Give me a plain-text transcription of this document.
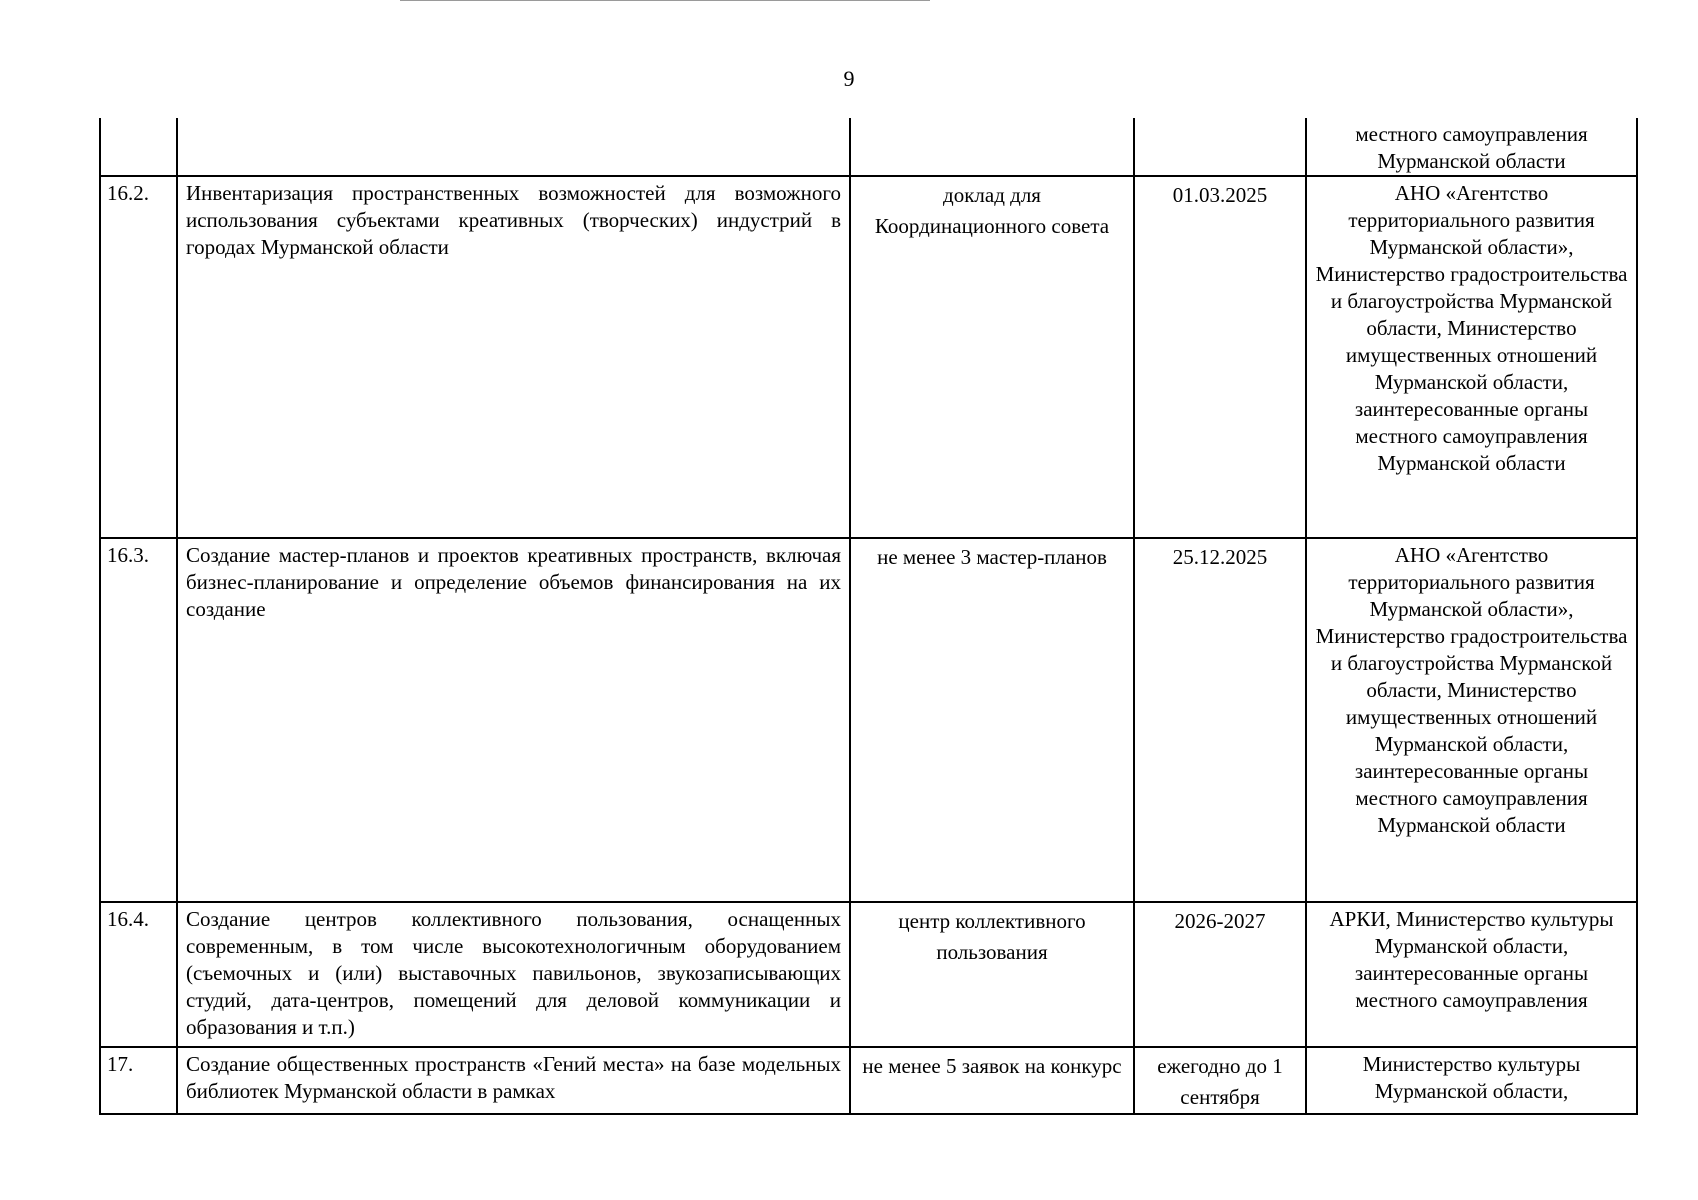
9
				местного самоуправления Мурманской области
16.2.	Инвентаризация пространственных возможностей для возможного использования субъектами креативных (творческих) индустрий в городах Мурманской области	доклад для Координационного совета	01.03.2025	АНО «Агентство территориального развития Мурманской области», Министерство градостроительства и благоустройства Мурманской области, Министерство имущественных отношений Мурманской области, заинтересованные органы местного самоуправления Мурманской области
16.3.	Создание мастер-планов и проектов креативных пространств, включая бизнес-планирование и определение объемов финансирования на их создание	не менее 3 мастер-планов	25.12.2025	АНО «Агентство территориального развития Мурманской области», Министерство градостроительства и благоустройства Мурманской области, Министерство имущественных отношений Мурманской области, заинтересованные органы местного самоуправления Мурманской области
16.4.	Создание центров коллективного пользования, оснащенных современным, в том числе высокотехнологичным оборудованием (съемочных и (или) выставочных павильонов, звукозаписывающих студий, дата-центров, помещений для деловой коммуникации и образования и т.п.)	центр коллективного пользования	2026-2027	АРКИ, Министерство культуры Мурманской области, заинтересованные органы местного самоуправления
17.	Создание общественных пространств «Гений места» на базе модельных библиотек Мурманской области в рамках	не менее 5 заявок на конкурс	ежегодно до 1 сентября	Министерство культуры Мурманской области,
